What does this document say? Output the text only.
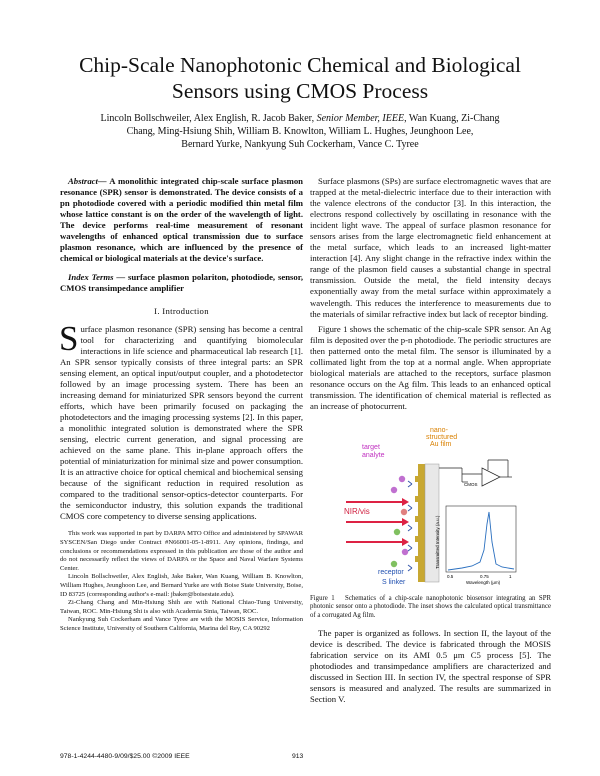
Chip-Scale Nanophotonic Chemical and Biological Sensors using CMOS Process
Lincoln Bollschweiler, Alex English, R. Jacob Baker, Senior Member, IEEE, Wan Kuang, Zi-Chang
Chang, Ming-Hsiung Shih, William B. Knowlton, William L. Hughes, Jeunghoon Lee,
Bernard Yurke, Nankyung Suh Cockerham, Vance C. Tyree

Abstract— A monolithic integrated chip-scale surface plasmon resonance (SPR) sensor is demonstrated. The device consists of a pn photodiode covered with a periodic modified thin metal film whose lattice constant is on the order of the wavelength of light. The device performs real-time measurement of resonant wavelengths of enhanced optical transmission due to surface plasmon resonance, which are influenced by the presence of chemical or biological materials at the device's surface.

Index Terms — surface plasmon polariton, photodiode, sensor, CMOS transimpedance amplifier

I. Introduction

Surface plasmon resonance (SPR) sensing has become a central tool for characterizing and quantifying biomolecular interactions in life science and pharmaceutical lab research [1]. An SPR sensor typically consists of three integral parts: an SPR sensing element, an optical input/output coupler, and a photodetector followed by an image processing system. There has been an increasing demand for miniaturized SPR sensors beyond the current efforts, which have been primarily focused on packaging the photodetectors and the imaging processing systems [2]. In this paper, a monolithic integrated solution is demonstrated where the SPR sensing, electric current generation, and signal processing are achieved on the same plane. This in-plane approach offers the potential of miniaturization for minimal size and power consumption. It is an attractive choice for optical chemical and biochemical sensing because of the significant reduction in required resolution as compared to the traditional sensor-optics-detector counterparts. For the semiconductor industry, this solution expands the traditional CMOS core competency to diverse sensing applications.

This work was supported in part by DARPA MTO Office and administered by SPAWAR SYSCEN/San Diego under Contract #N66001-05-1-8911. Any opinions, findings, and conclusions or recommendations expressed in this publication are those of the author and do not necessarily reflect the views of DARPA or the Space and Naval Warfare Systems Center.

Lincoln Bollschweiler, Alex English, Jake Baker, Wan Kuang, William B. Knowlton, William Hughes, Jeunghoon Lee, and Bernard Yurke are with Boise State University, Boise, ID 83725 (corresponding author's e-mail: jbaker@boisestate.edu).

Zi-Chang Chang and Min-Hsiung Shih are with National Chiao-Tung University, Taiwan, ROC. Min-Hsiung Shi is also with Academia Sinia, Taiwan, ROC.

Nankyung Suh Cockerham and Vance Tyree are with the MOSIS Service, Information Science Institute, University of Southern California, Marina del Rey, CA 90292

Surface plasmons (SPs) are surface electromagnetic waves that are trapped at the metal-dielectric interface due to their interaction with the valence electrons of the conductor [3]. In this interaction, the electrons respond collectively by oscillating in resonance with the incident light wave. The appeal of surface plasmon resonance for sensors arises from the large electromagnetic field enhancement at the metal surface, which leads to an increased light-matter interaction [4]. Any slight change in the refractive index within the range of the plasmon field causes a substantial change in spectral transmission. Outside the metal, the field intensity decays exponentially away from the metal surface within approximately a wavelength. This reduces the interference to measurements due to the materials of similar refractive index but lack of receptor binding.

Figure 1 shows the schematic of the chip-scale SPR sensor. An Ag film is deposited over the p-n photodiode. The periodic structures are then patterned onto the metal film. The sensor is illuminated by a collimated light from the top at a normal angle. When appropriate biological materials are attached to the receptors, surface plasmon resonance occurs on the Ag film. This leads to an enhanced optical transmission. The identification of chemical material is reflected as an increase of photocurrent.

Transmitted Intensity (a.u.)
0.5	0.75	1
Wavelength (μm)
nano-structured Au film
target analyte
NIR/vis
receptor
S linker
CMOS

Figure 1 Schematics of a chip-scale nanophotonic biosensor integrating an SPR photonic sensor onto a photodiode. The inset shows the calculated optical transmittance of a corrugated Ag film.

The paper is organized as follows. In section II, the layout of the device is described. The device is fabricated through the MOSIS fabrication service on its AMI 0.5 μm C5 process [5]. The photodiodes and transimpedance amplifiers are characterized and discussed in Section III. In section IV, the spectral response of SPR sensors is measured and analyzed. The results are summarized in Section V.

978-1-4244-4480-9/09/$25.00 ©2009 IEEE	913
